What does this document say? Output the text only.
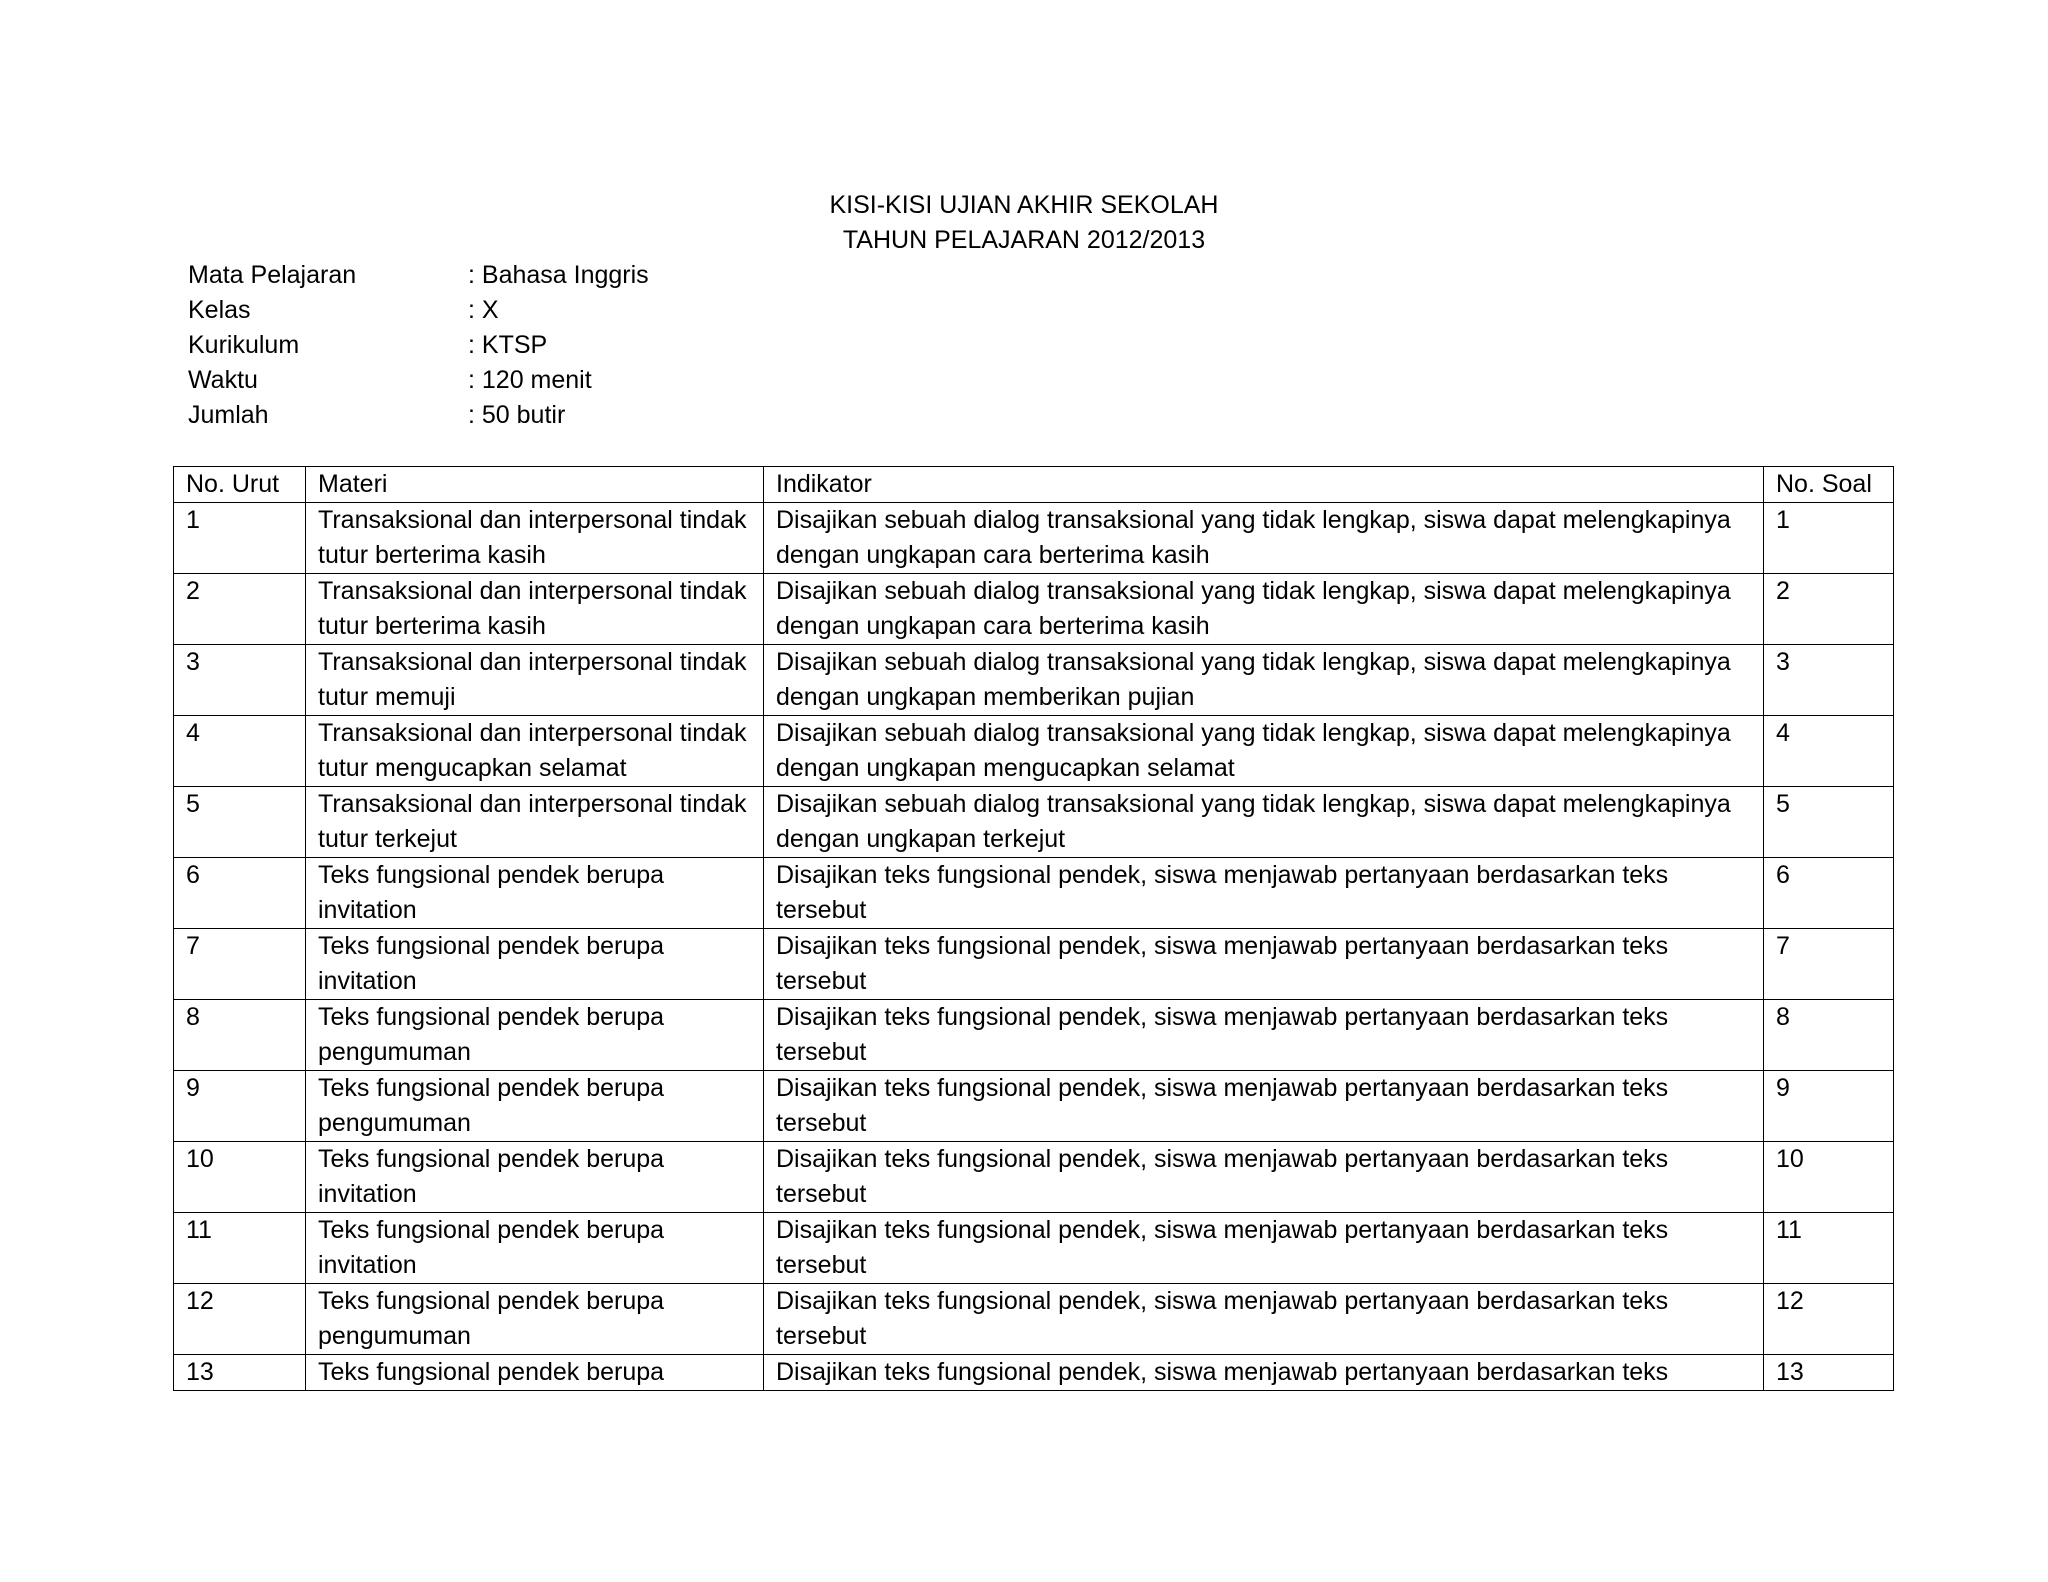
KISI-KISI UJIAN AKHIR SEKOLAH
TAHUN PELAJARAN 2012/2013
Mata Pelajaran	: Bahasa Inggris
Kelas	: X
Kurikulum	: KTSP
Waktu	: 120 menit
Jumlah	: 50 butir
No. Urut	Materi	Indikator	No. Soal
1	Transaksional dan interpersonal tindak tutur berterima kasih	Disajikan sebuah dialog transaksional yang tidak lengkap, siswa dapat melengkapinya dengan ungkapan cara berterima kasih	1
2	Transaksional dan interpersonal tindak tutur berterima kasih	Disajikan sebuah dialog transaksional yang tidak lengkap, siswa dapat melengkapinya dengan ungkapan cara berterima kasih	2
3	Transaksional dan interpersonal tindak tutur memuji	Disajikan sebuah dialog transaksional yang tidak lengkap, siswa dapat melengkapinya dengan ungkapan memberikan pujian	3
4	Transaksional dan interpersonal tindak tutur mengucapkan selamat	Disajikan sebuah dialog transaksional yang tidak lengkap, siswa dapat melengkapinya dengan ungkapan mengucapkan selamat	4
5	Transaksional dan interpersonal tindak tutur terkejut	Disajikan sebuah dialog transaksional yang tidak lengkap, siswa dapat melengkapinya dengan ungkapan terkejut	5
6	Teks fungsional pendek berupa invitation	Disajikan teks fungsional pendek, siswa menjawab pertanyaan berdasarkan teks tersebut	6
7	Teks fungsional pendek berupa invitation	Disajikan teks fungsional pendek, siswa menjawab pertanyaan berdasarkan teks tersebut	7
8	Teks fungsional pendek berupa pengumuman	Disajikan teks fungsional pendek, siswa menjawab pertanyaan berdasarkan teks tersebut	8
9	Teks fungsional pendek berupa pengumuman	Disajikan teks fungsional pendek, siswa menjawab pertanyaan berdasarkan teks tersebut	9
10	Teks fungsional pendek berupa invitation	Disajikan teks fungsional pendek, siswa menjawab pertanyaan berdasarkan teks tersebut	10
11	Teks fungsional pendek berupa invitation	Disajikan teks fungsional pendek, siswa menjawab pertanyaan berdasarkan teks tersebut	11
12	Teks fungsional pendek berupa pengumuman	Disajikan teks fungsional pendek, siswa menjawab pertanyaan berdasarkan teks tersebut	12
13	Teks fungsional pendek berupa	Disajikan teks fungsional pendek, siswa menjawab pertanyaan berdasarkan teks	13
